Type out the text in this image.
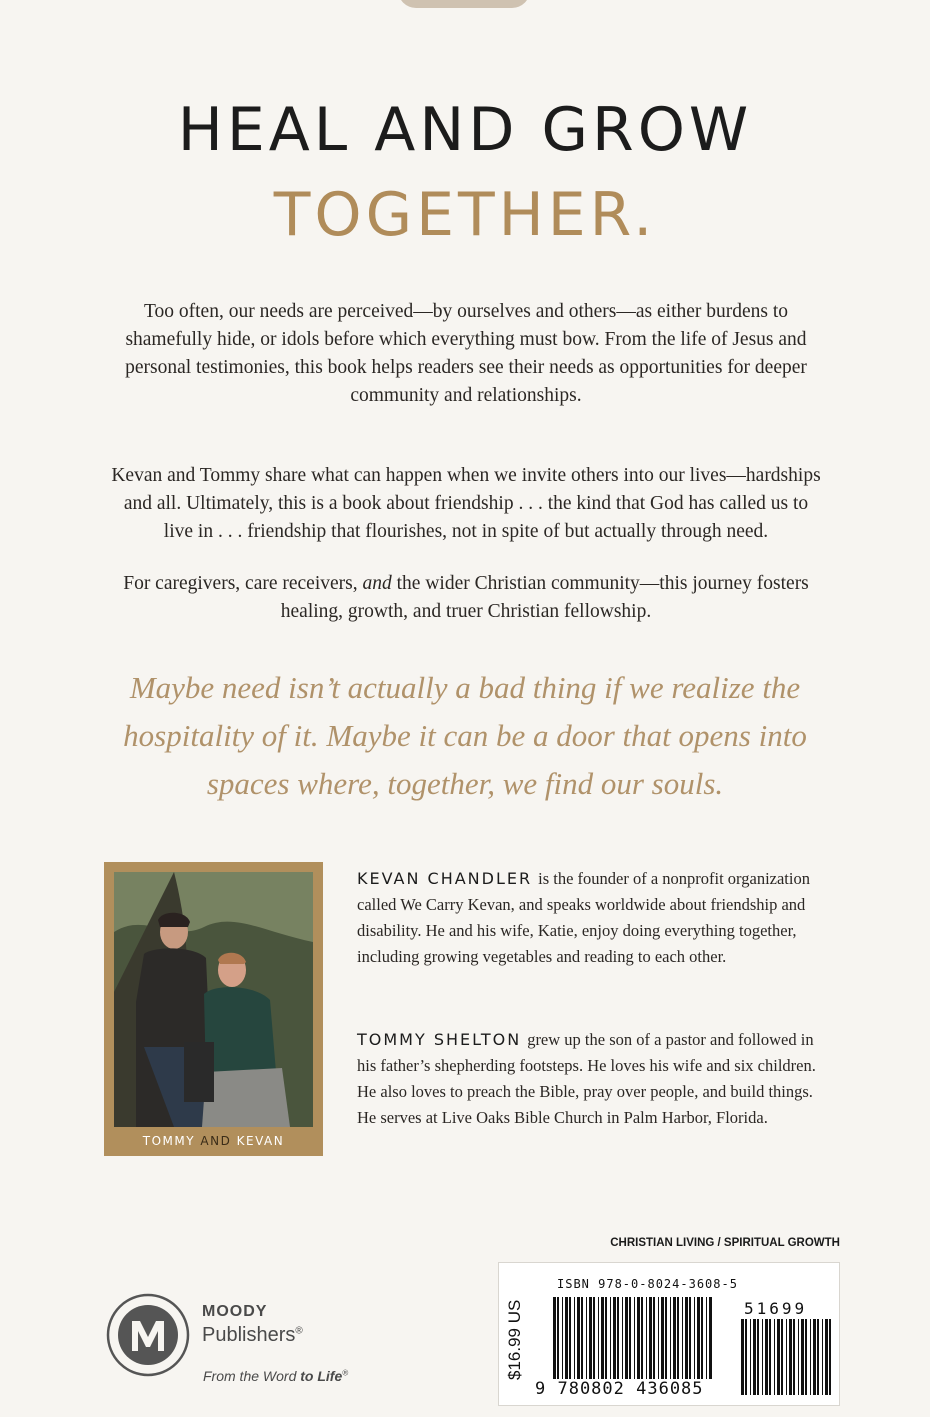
HEAL AND GROW
TOGETHER.
Too often, our needs are perceived—by ourselves and others—as either burdens to shamefully hide, or idols before which everything must bow. From the life of Jesus and personal testimonies, this book helps readers see their needs as opportunities for deeper community and relationships.
Kevan and Tommy share what can happen when we invite others into our lives—hardships and all. Ultimately, this is a book about friendship . . . the kind that God has called us to live in . . . friendship that flourishes, not in spite of but actually through need.
For caregivers, care receivers, and the wider Christian community—this journey fosters healing, growth, and truer Christian fellowship.
Maybe need isn’t actually a bad thing if we realize the hospitality of it. Maybe it can be a door that opens into spaces where, together, we find our souls.
TOMMY AND KEVAN
KEVAN CHANDLER is the founder of a nonprofit organization called We Carry Kevan, and speaks worldwide about friendship and disability. He and his wife, Katie, enjoy doing everything together, including growing vegetables and reading to each other.
TOMMY SHELTON grew up the son of a pastor and followed in his father’s shepherding footsteps. He loves his wife and six children. He also loves to preach the Bible, pray over people, and build things. He serves at Live Oaks Bible Church in Palm Harbor, Florida.
CHRISTIAN LIVING / SPIRITUAL GROWTH
$16.99 US
ISBN 978-0-8024-3608-5
51699
9 780802 436085
MOODY
Publishers®
From the Word to Life®
